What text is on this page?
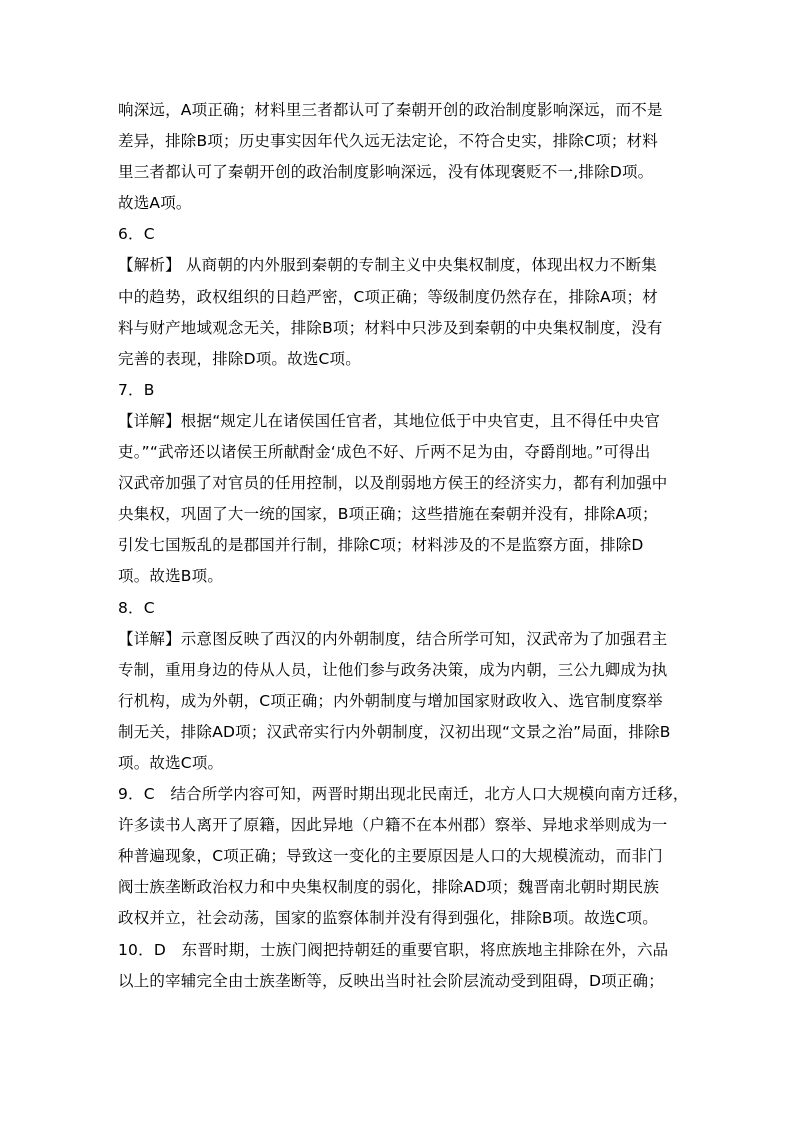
响深远，A项正确；材料里三者都认可了秦朝开创的政治制度影响深远，而不是
差异，排除B项；历史事实因年代久远无法定论，不符合史实，排除C项；材料
里三者都认可了秦朝开创的政治制度影响深远，没有体现褒贬不一,排除D项。
故选A项。
6．C
【解析】 从商朝的内外服到秦朝的专制主义中央集权制度，体现出权力不断集
中的趋势，政权组织的日趋严密，C项正确；等级制度仍然存在，排除A项；材
料与财产地域观念无关，排除B项；材料中只涉及到秦朝的中央集权制度，没有
完善的表现，排除D项。故选C项。
7．B
【详解】根据“规定儿在诸侯国任官者，其地位低于中央官吏，且不得任中央官
吏。”“武帝还以诸侯王所献酎金‘成色不好、斤两不足为由，夺爵削地。”可得出
汉武帝加强了对官员的任用控制，以及削弱地方侯王的经济实力，都有利加强中
央集权，巩固了大一统的国家，B项正确；这些措施在秦朝并没有，排除A项；
引发七国叛乱的是郡国并行制，排除C项；材料涉及的不是监察方面，排除D
项。故选B项。
8．C
【详解】示意图反映了西汉的内外朝制度，结合所学可知，汉武帝为了加强君主
专制，重用身边的侍从人员，让他们参与政务决策，成为内朝，三公九卿成为执
行机构，成为外朝，C项正确；内外朝制度与增加国家财政收入、选官制度察举
制无关，排除AD项；汉武帝实行内外朝制度，汉初出现“文景之治”局面，排除B
项。故选C项。
9．C　结合所学内容可知，两晋时期出现北民南迁，北方人口大规模向南方迁移，
许多读书人离开了原籍，因此异地（户籍不在本州郡）察举、异地求举则成为一
种普遍现象，C项正确；导致这一变化的主要原因是人口的大规模流动，而非门
阀士族垄断政治权力和中央集权制度的弱化，排除AD项；魏晋南北朝时期民族
政权并立，社会动荡，国家的监察体制并没有得到强化，排除B项。故选C项。
10．D　东晋时期，士族门阀把持朝廷的重要官职，将庶族地主排除在外，六品
以上的宰辅完全由士族垄断等，反映出当时社会阶层流动受到阻碍，D项正确；
